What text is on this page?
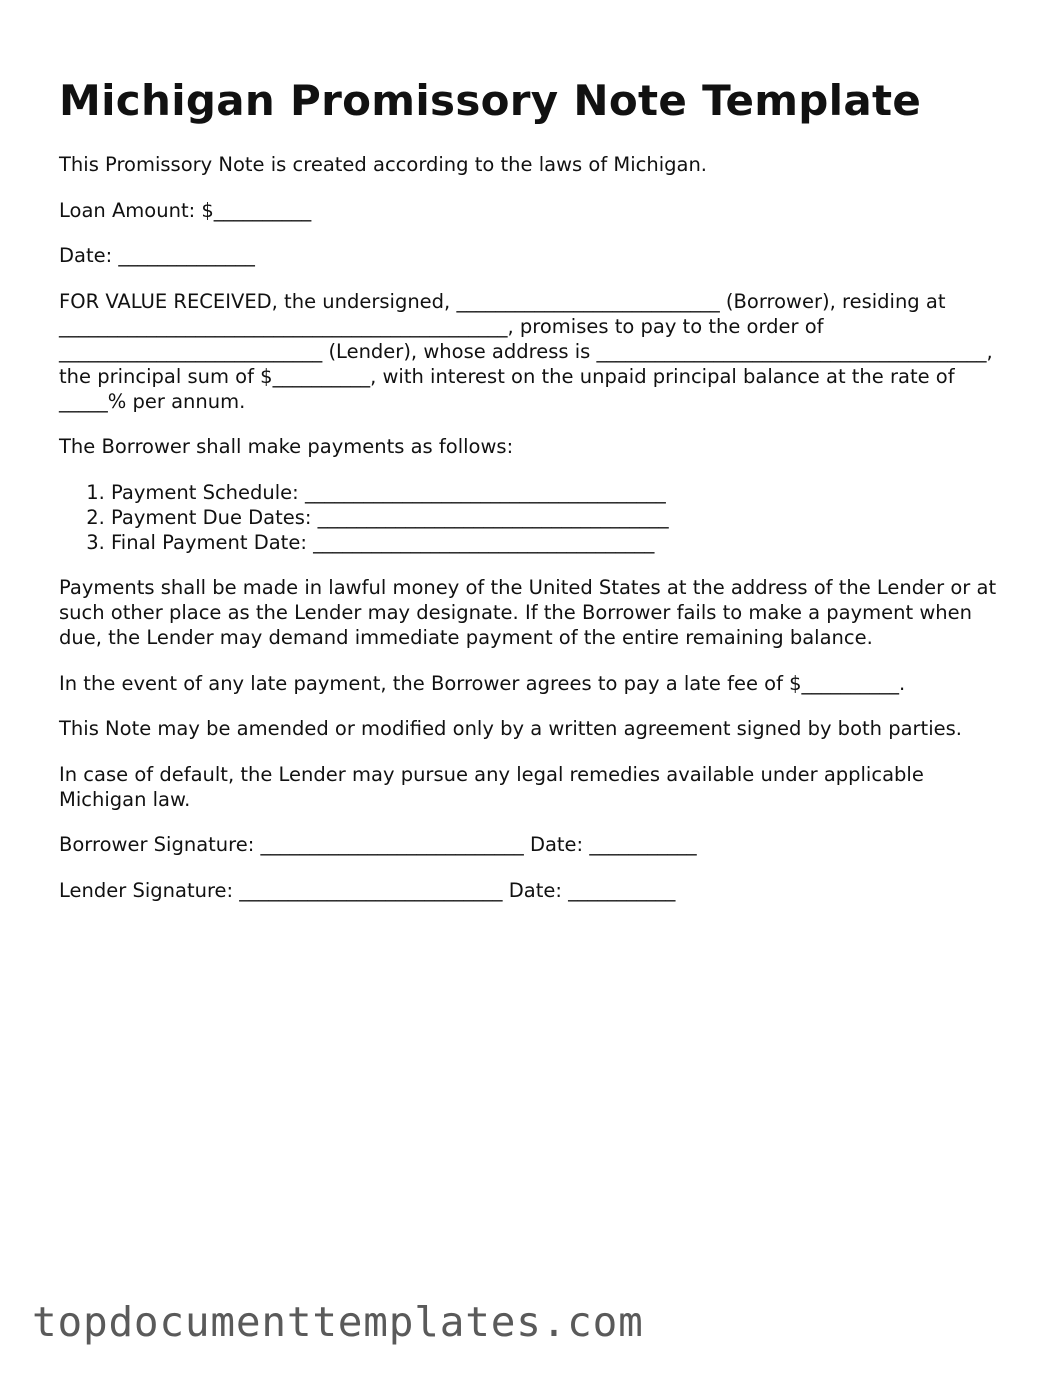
Michigan Promissory Note Template

This Promissory Note is created according to the laws of Michigan.

Loan Amount: $__________

Date: ______________

FOR VALUE RECEIVED, the undersigned, ___________________________ (Borrower), residing at ______________________________________________, promises to pay to the order of ___________________________ (Lender), whose address is ________________________________________, the principal sum of $__________, with interest on the unpaid principal balance at the rate of _____% per annum.

The Borrower shall make payments as follows:

1. Payment Schedule: _____________________________________
2. Payment Due Dates: ____________________________________
3. Final Payment Date: ___________________________________

Payments shall be made in lawful money of the United States at the address of the Lender or at such other place as the Lender may designate. If the Borrower fails to make a payment when due, the Lender may demand immediate payment of the entire remaining balance.

In the event of any late payment, the Borrower agrees to pay a late fee of $__________.

This Note may be amended or modified only by a written agreement signed by both parties.

In case of default, the Lender may pursue any legal remedies available under applicable Michigan law.

Borrower Signature: ___________________________ Date: ___________

Lender Signature: ___________________________ Date: ___________

topdocumenttemplates.com
